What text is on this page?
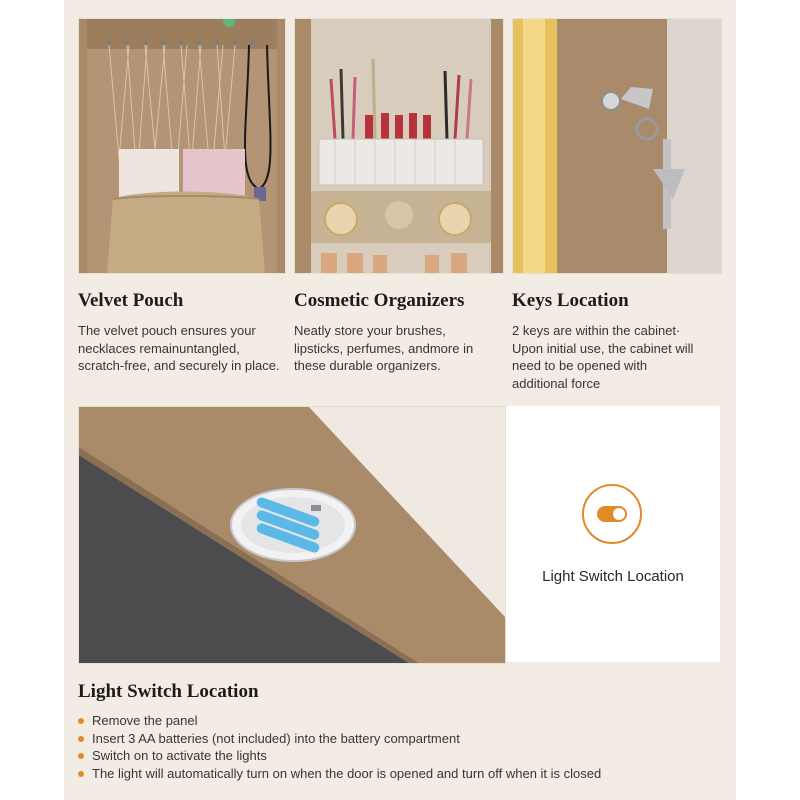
Velvet Pouch

The velvet pouch ensures your necklaces remainuntangled, scratch-free, and securely in place.

Cosmetic Organizers

Neatly store your brushes, lipsticks, perfumes, andmore in these durable organizers.

Keys Location

2 keys are within the cabinet· Upon initial use, the cabinet will need to be opened with additional force

Light Switch Location
Light Switch Location
Remove the panel
Insert 3 AA batteries (not included) into the battery compartment
Switch on to activate the lights
The light will automatically turn on when the door is opened and turn off when it is closed
